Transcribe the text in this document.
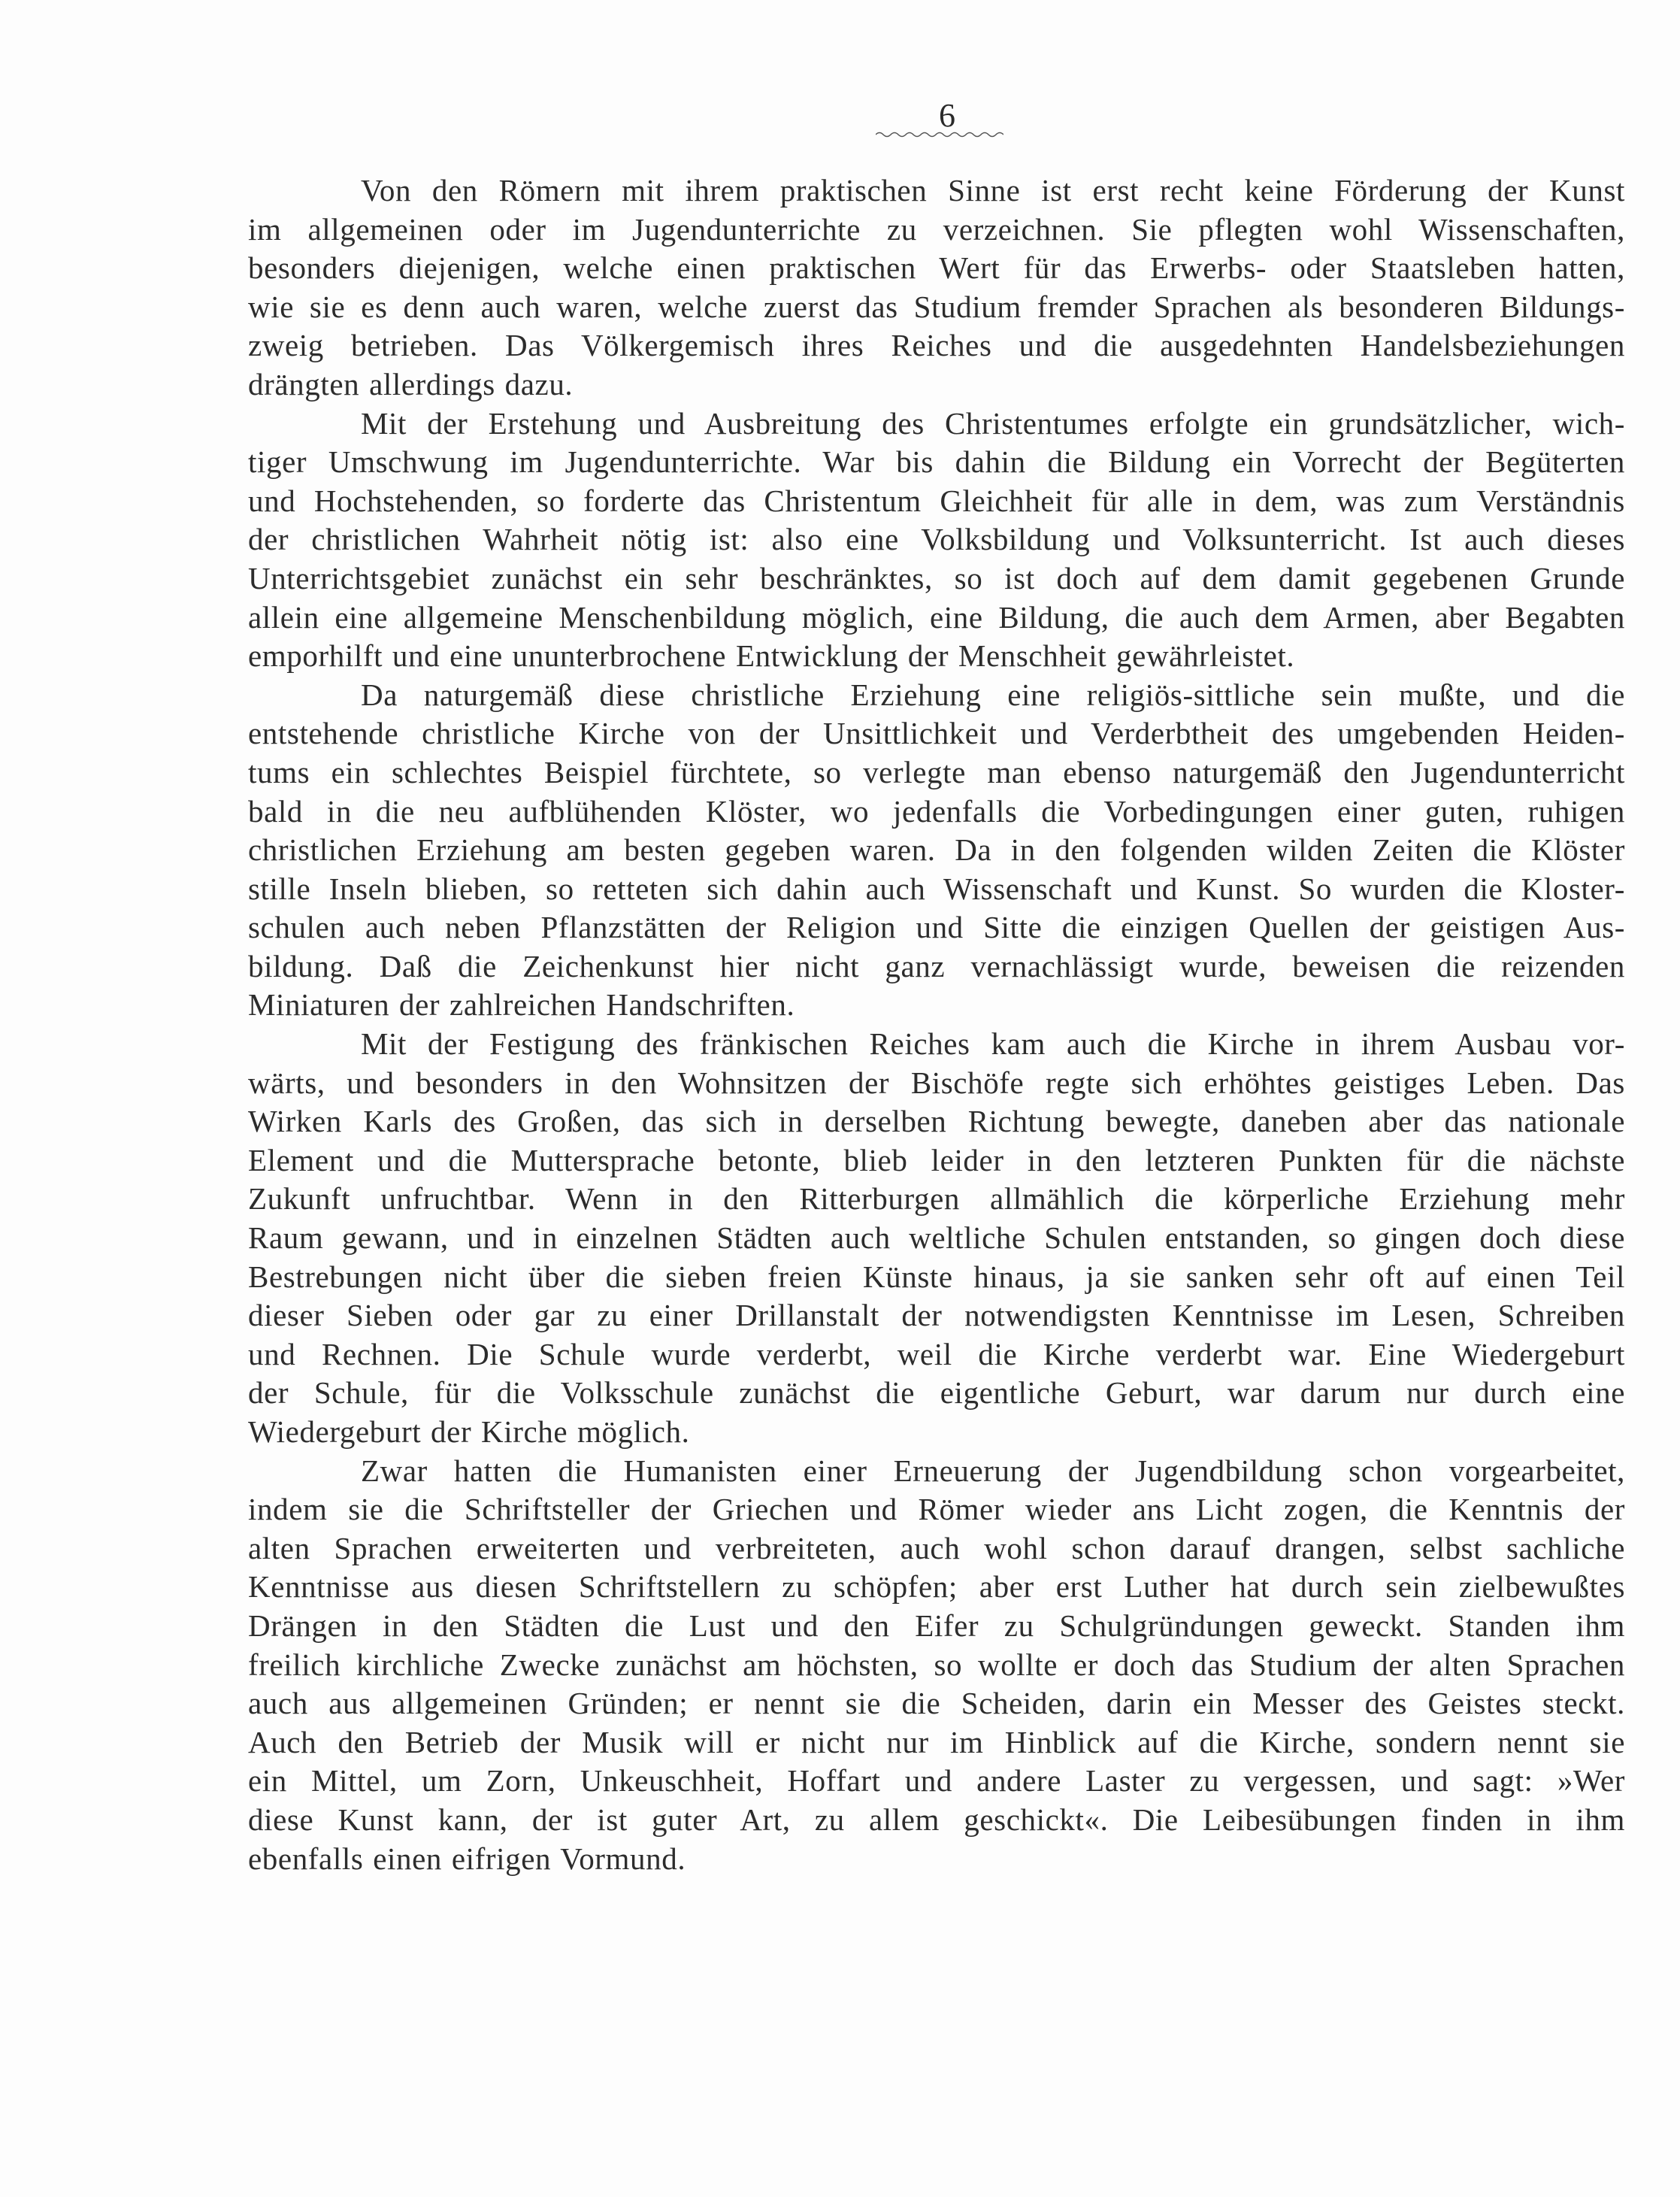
6

Von den Römern mit ihrem praktischen Sinne ist erst recht keine Förderung der Kunst
im allgemeinen oder im Jugendunterrichte zu verzeichnen. Sie pflegten wohl Wissenschaften,
besonders diejenigen, welche einen praktischen Wert für das Erwerbs- oder Staatsleben hatten,
wie sie es denn auch waren, welche zuerst das Studium fremder Sprachen als besonderen Bildungs-
zweig betrieben. Das Völkergemisch ihres Reiches und die ausgedehnten Handelsbeziehungen
drängten allerdings dazu.

Mit der Erstehung und Ausbreitung des Christentumes erfolgte ein grundsätzlicher, wich-
tiger Umschwung im Jugendunterrichte. War bis dahin die Bildung ein Vorrecht der Begüterten
und Hochstehenden, so forderte das Christentum Gleichheit für alle in dem, was zum Verständnis
der christlichen Wahrheit nötig ist: also eine Volksbildung und Volksunterricht. Ist auch dieses
Unterrichtsgebiet zunächst ein sehr beschränktes, so ist doch auf dem damit gegebenen Grunde
allein eine allgemeine Menschenbildung möglich, eine Bildung, die auch dem Armen, aber Begabten
emporhilft und eine ununterbrochene Entwicklung der Menschheit gewährleistet.

Da naturgemäß diese christliche Erziehung eine religiös-sittliche sein mußte, und die
entstehende christliche Kirche von der Unsittlichkeit und Verderbtheit des umgebenden Heiden-
tums ein schlechtes Beispiel fürchtete, so verlegte man ebenso naturgemäß den Jugendunterricht
bald in die neu aufblühenden Klöster, wo jedenfalls die Vorbedingungen einer guten, ruhigen
christlichen Erziehung am besten gegeben waren. Da in den folgenden wilden Zeiten die Klöster
stille Inseln blieben, so retteten sich dahin auch Wissenschaft und Kunst. So wurden die Kloster-
schulen auch neben Pflanzstätten der Religion und Sitte die einzigen Quellen der geistigen Aus-
bildung. Daß die Zeichenkunst hier nicht ganz vernachlässigt wurde, beweisen die reizenden
Miniaturen der zahlreichen Handschriften.

Mit der Festigung des fränkischen Reiches kam auch die Kirche in ihrem Ausbau vor-
wärts, und besonders in den Wohnsitzen der Bischöfe regte sich erhöhtes geistiges Leben. Das
Wirken Karls des Großen, das sich in derselben Richtung bewegte, daneben aber das nationale
Element und die Muttersprache betonte, blieb leider in den letzteren Punkten für die nächste
Zukunft unfruchtbar. Wenn in den Ritterburgen allmählich die körperliche Erziehung mehr
Raum gewann, und in einzelnen Städten auch weltliche Schulen entstanden, so gingen doch diese
Bestrebungen nicht über die sieben freien Künste hinaus, ja sie sanken sehr oft auf einen Teil
dieser Sieben oder gar zu einer Drillanstalt der notwendigsten Kenntnisse im Lesen, Schreiben
und Rechnen. Die Schule wurde verderbt, weil die Kirche verderbt war. Eine Wiedergeburt
der Schule, für die Volksschule zunächst die eigentliche Geburt, war darum nur durch eine
Wiedergeburt der Kirche möglich.

Zwar hatten die Humanisten einer Erneuerung der Jugendbildung schon vorgearbeitet,
indem sie die Schriftsteller der Griechen und Römer wieder ans Licht zogen, die Kenntnis der
alten Sprachen erweiterten und verbreiteten, auch wohl schon darauf drangen, selbst sachliche
Kenntnisse aus diesen Schriftstellern zu schöpfen; aber erst Luther hat durch sein zielbewußtes
Drängen in den Städten die Lust und den Eifer zu Schulgründungen geweckt. Standen ihm
freilich kirchliche Zwecke zunächst am höchsten, so wollte er doch das Studium der alten Sprachen
auch aus allgemeinen Gründen; er nennt sie die Scheiden, darin ein Messer des Geistes steckt.
Auch den Betrieb der Musik will er nicht nur im Hinblick auf die Kirche, sondern nennt sie
ein Mittel, um Zorn, Unkeuschheit, Hoffart und andere Laster zu vergessen, und sagt: »Wer
diese Kunst kann, der ist guter Art, zu allem geschickt«. Die Leibesübungen finden in ihm
ebenfalls einen eifrigen Vormund.
